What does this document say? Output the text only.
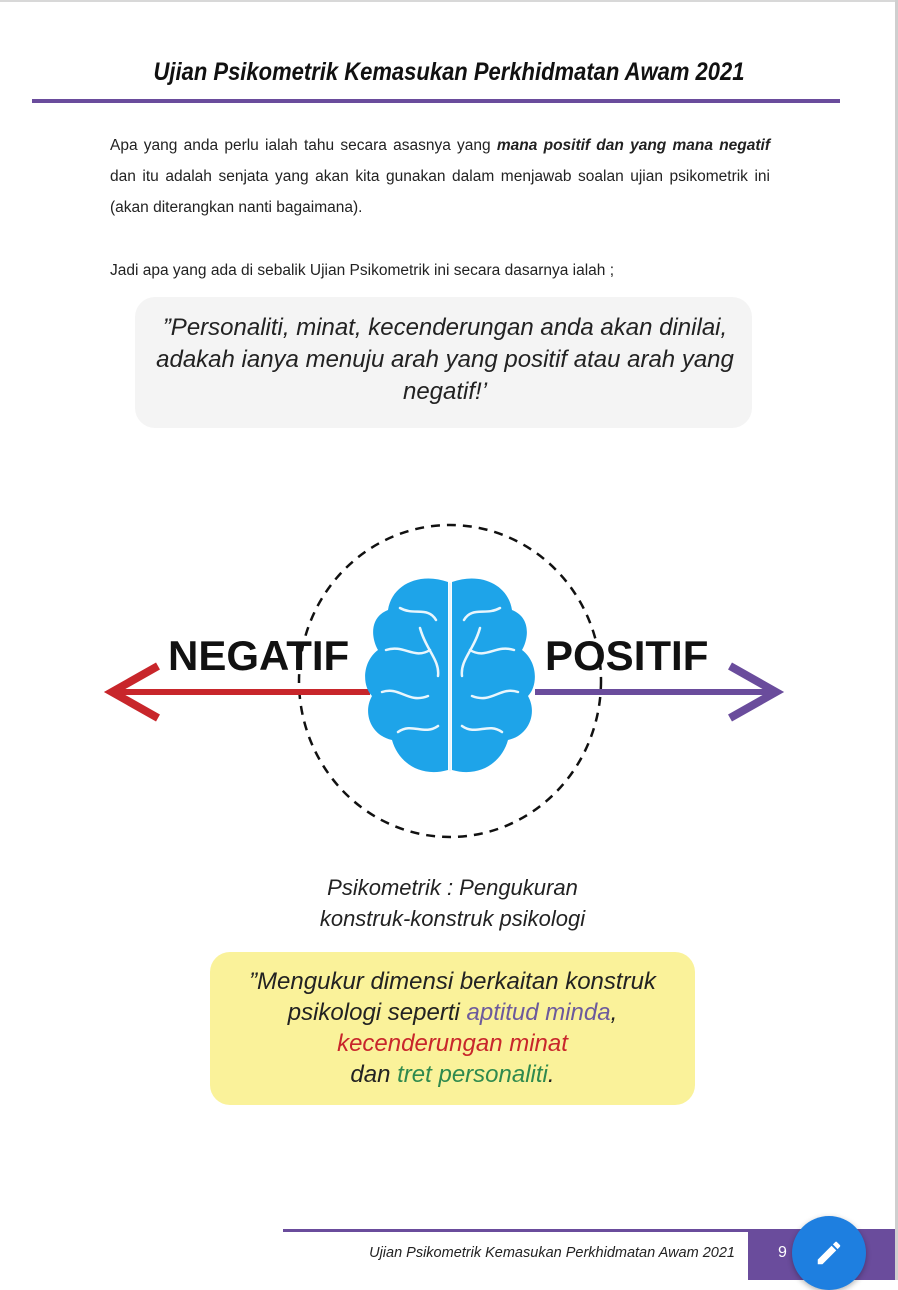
Ujian Psikometrik Kemasukan Perkhidmatan Awam 2021
Apa yang anda perlu ialah tahu secara asasnya yang mana positif dan yang mana negatif dan itu adalah senjata yang akan kita gunakan dalam menjawab soalan ujian psikometrik ini (akan diterangkan nanti bagaimana).
Jadi apa yang ada di sebalik Ujian Psikometrik ini secara dasarnya ialah ;
”Personaliti, minat, kecenderungan anda akan dinilai, adakah ianya menuju arah yang positif atau arah yang negatif!’
NEGATIF	POSITIF
Psikometrik : Pengukuran
konstruk-konstruk psikologi
”Mengukur dimensi berkaitan konstruk psikologi seperti aptitud minda, kecenderungan minat
dan tret personaliti.
Ujian Psikometrik Kemasukan Perkhidmatan Awam 2021	9
